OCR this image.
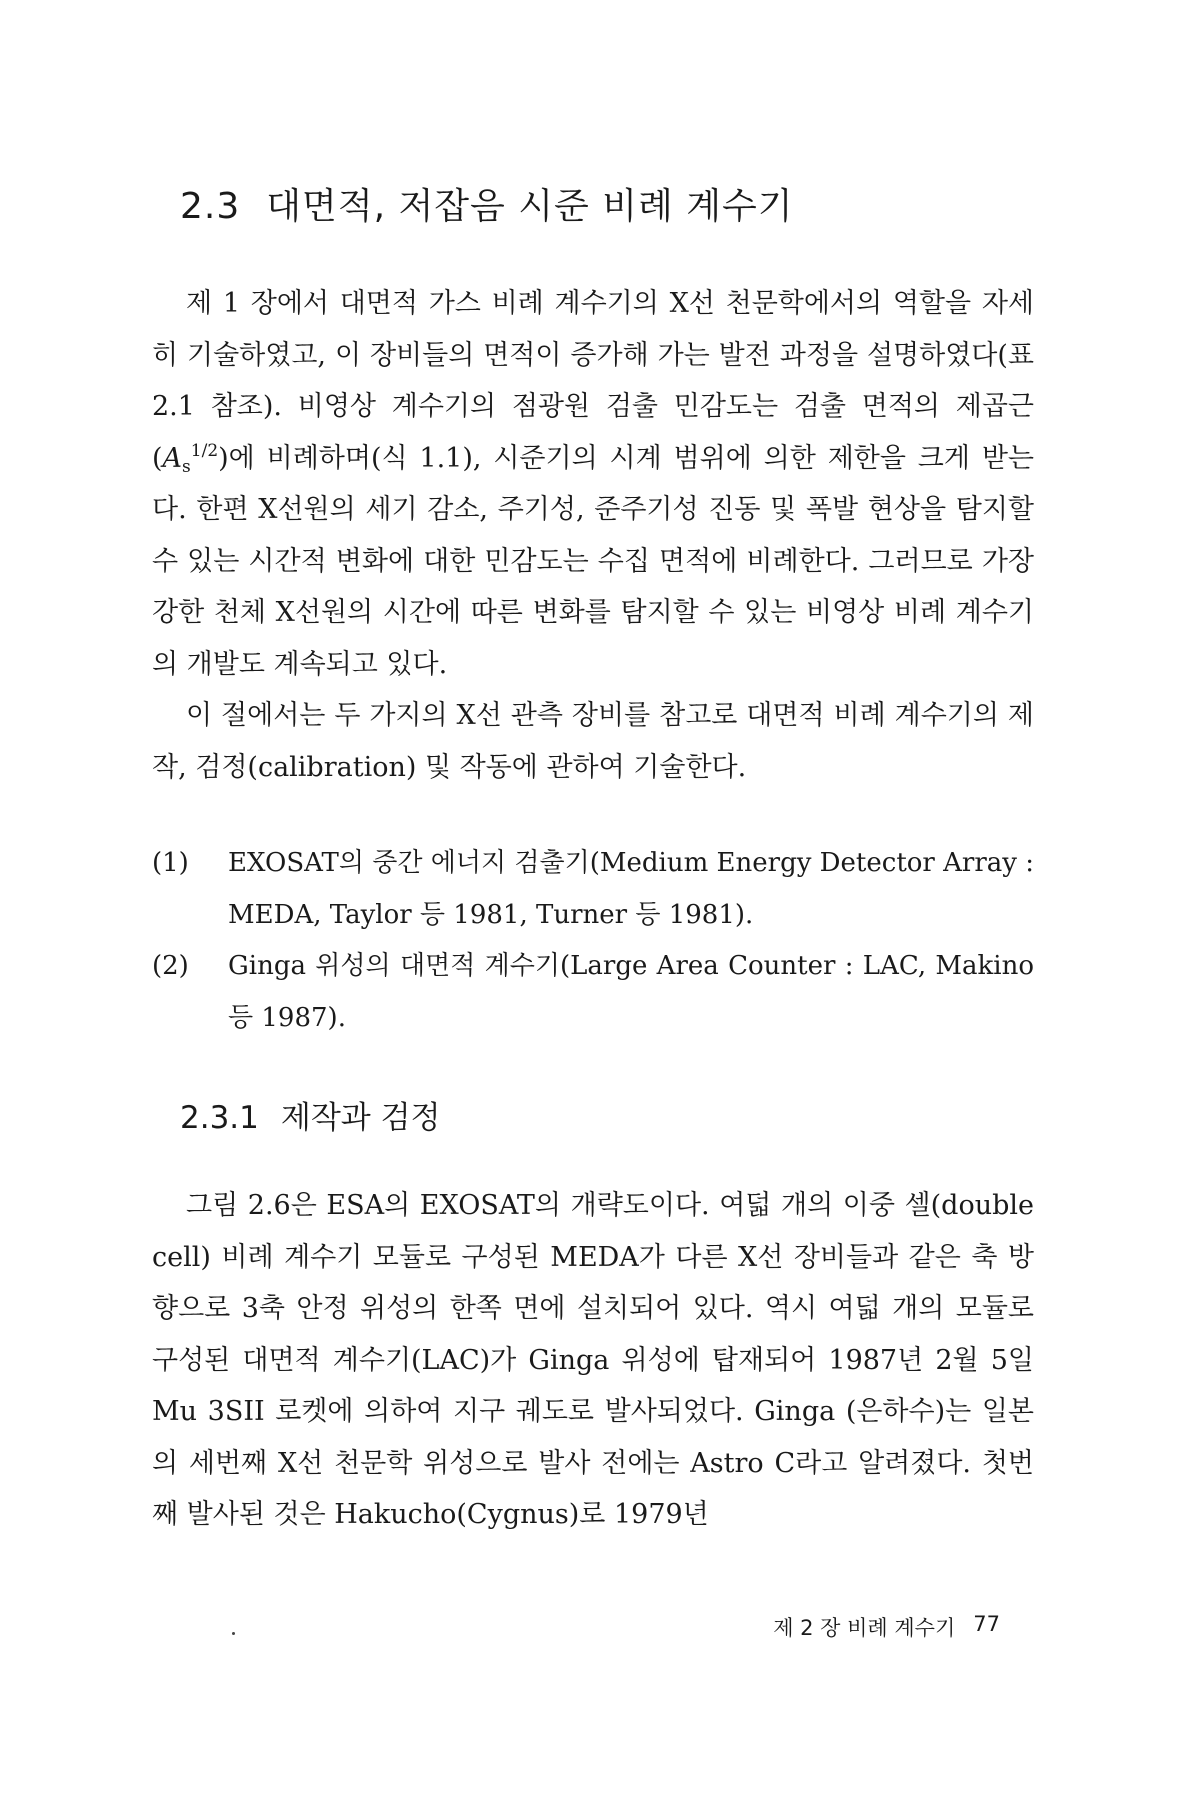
2.3 대면적, 저잡음 시준 비례 계수기

제 1 장에서 대면적 가스 비례 계수기의 X선 천문학에서의 역할을 자세히 기술하였고, 이 장비들의 면적이 증가해 가는 발전 과정을 설명하였다(표 2.1 참조). 비영상 계수기의 점광원 검출 민감도는 검출 면적의 제곱근$(A_s^{1/2})$에 비례하며(식 1.1), 시준기의 시계 범위에 의한 제한을 크게 받는다. 한편 X선원의 세기 감소, 주기성, 준주기성 진동 및 폭발 현상을 탐지할 수 있는 시간적 변화에 대한 민감도는 수집 면적에 비례한다. 그러므로 가장 강한 천체 X선원의 시간에 따른 변화를 탐지할 수 있는 비영상 비례 계수기의 개발도 계속되고 있다.

이 절에서는 두 가지의 X선 관측 장비를 참고로 대면적 비례 계수기의 제작, 검정(calibration) 및 작동에 관하여 기술한다.

(1)	EXOSAT의 중간 에너지 검출기(Medium Energy Detector Array : MEDA, Taylor 등 1981, Turner 등 1981).
(2)	Ginga 위성의 대면적 계수기(Large Area Counter : LAC, Makino 등 1987).
2.3.1 제작과 검정

그림 2.6은 ESA의 EXOSAT의 개략도이다. 여덟 개의 이중 셀(double cell) 비례 계수기 모듈로 구성된 MEDA가 다른 X선 장비들과 같은 축 방향으로 3축 안정 위성의 한쪽 면에 설치되어 있다. 역시 여덟 개의 모듈로 구성된 대면적 계수기(LAC)가 Ginga 위성에 탑재되어 1987년 2월 5일 Mu 3SII 로켓에 의하여 지구 궤도로 발사되었다. Ginga (은하수)는 일본의 세번째 X선 천문학 위성으로 발사 전에는 Astro C라고 알려졌다. 첫번째 발사된 것은 Hakucho(Cygnus)로 1979년

제 2 장 비례 계수기 77
